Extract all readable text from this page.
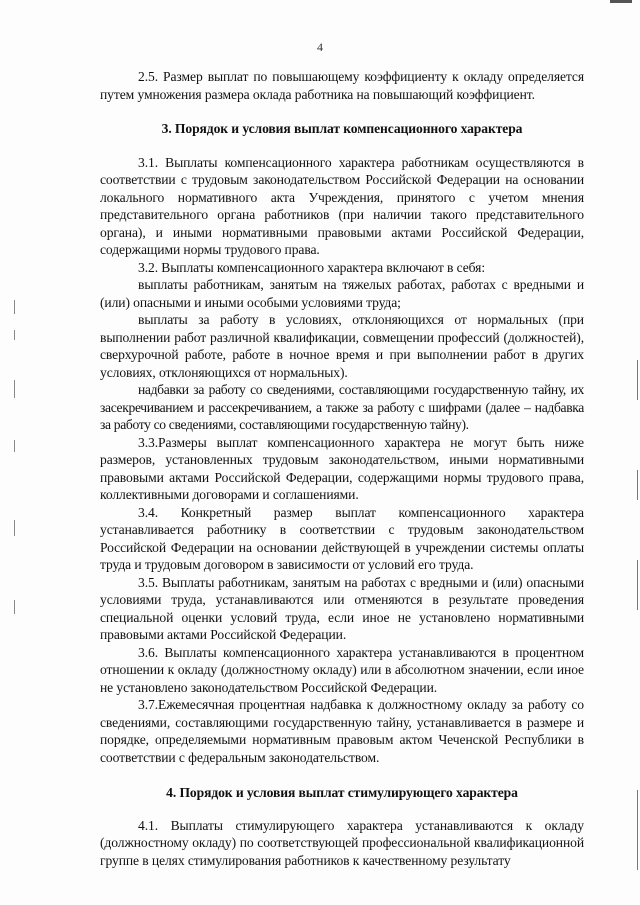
4

2.5. Размер выплат по повышающему коэффициенту к окладу определяется путем умножения размера оклада работника на повышающий коэффициент.

3. Порядок и условия выплат компенсационного характера

3.1. Выплаты компенсационного характера работникам осуществляются в соответствии с трудовым законодательством Российской Федерации на основании локального нормативного акта Учреждения, принятого с учетом мнения представительного органа работников (при наличии такого представительного органа), и иными нормативными правовыми актами Российской Федерации, содержащими нормы трудового права.

3.2. Выплаты компенсационного характера включают в себя:

выплаты работникам, занятым на тяжелых работах, работах с вредными и (или) опасными и иными особыми условиями труда;

выплаты за работу в условиях, отклоняющихся от нормальных (при выполнении работ различной квалификации, совмещении профессий (должностей), сверхурочной работе, работе в ночное время и при выполнении работ в других условиях, отклоняющихся от нормальных).

надбавки за работу со сведениями, составляющими государственную тайну, их засекречиванием и рассекречиванием, а также за работу с шифрами (далее – надбавка за работу со сведениями, составляющими государственную тайну).

3.3.Размеры выплат компенсационного характера не могут быть ниже размеров, установленных трудовым законодательством, иными нормативными правовыми актами Российской Федерации, содержащими нормы трудового права, коллективными договорами и соглашениями.

3.4. Конкретный размер выплат компенсационного характера устанавливается работнику в соответствии с трудовым законодательством Российской Федерации на основании действующей в учреждении системы оплаты труда и трудовым договором в зависимости от условий его труда.

3.5. Выплаты работникам, занятым на работах с вредными и (или) опасными условиями труда, устанавливаются или отменяются в результате проведения специальной оценки условий труда, если иное не установлено нормативными правовыми актами Российской Федерации.

3.6. Выплаты компенсационного характера устанавливаются в процентном отношении к окладу (должностному окладу) или в абсолютном значении, если иное не установлено законодательством Российской Федерации.

3.7.Ежемесячная процентная надбавка к должностному окладу за работу со сведениями, составляющими государственную тайну, устанавливается в размере и порядке, определяемыми нормативным правовым актом Чеченской Республики в соответствии с федеральным законодательством.

4. Порядок и условия выплат стимулирующего характера

4.1. Выплаты стимулирующего характера устанавливаются к окладу (должностному окладу) по соответствующей профессиональной квалификационной группе в целях стимулирования работников к качественному результату
